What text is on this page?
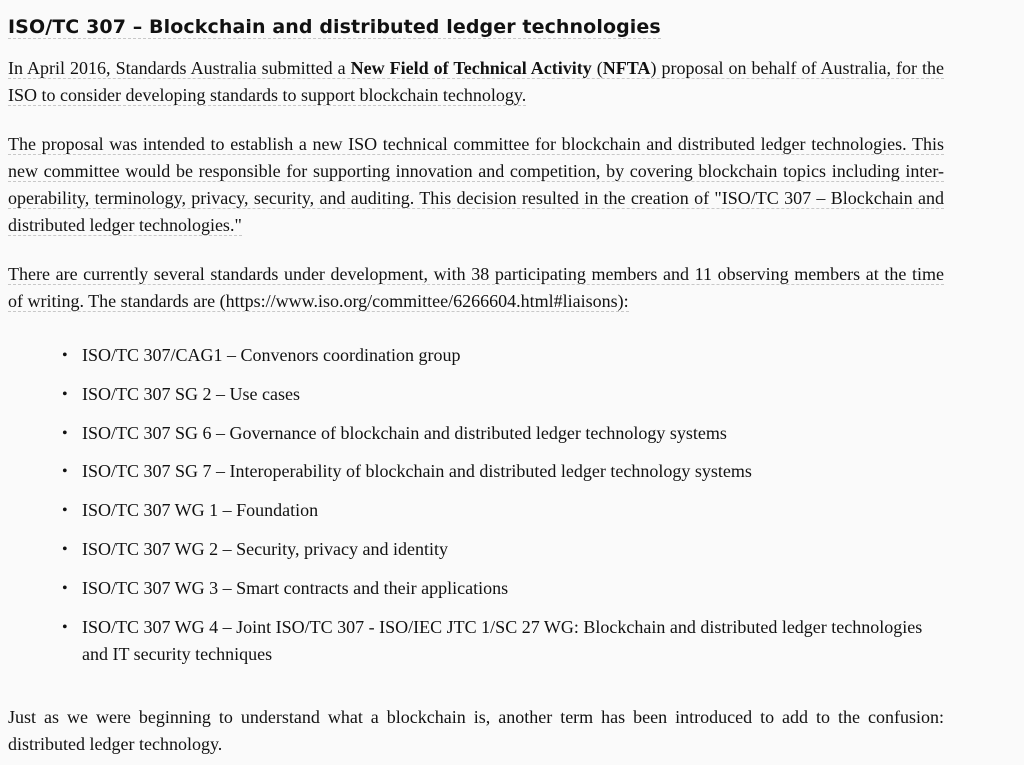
ISO/TC 307 – Blockchain and distributed ledger technologies

In April 2016, Standards Australia submitted a New Field of Technical Activity (NFTA) proposal on behalf of Australia, for the ISO to consider developing standards to support blockchain technology.

The proposal was intended to establish a new ISO technical committee for blockchain and distributed ledger technologies. This new committee would be responsible for supporting innovation and competition, by covering blockchain topics including inter-operability, terminology, privacy, security, and auditing. This decision resulted in the creation of "ISO/TC 307 – Blockchain and distributed ledger technologies."

There are currently several standards under development, with 38 participating members and 11 observing members at the time of writing. The standards are (https://www.iso.org/committee/6266604.html#liaisons):

• ISO/TC 307/CAG1 – Convenors coordination group
• ISO/TC 307 SG 2 – Use cases
• ISO/TC 307 SG 6 – Governance of blockchain and distributed ledger technology systems
• ISO/TC 307 SG 7 – Interoperability of blockchain and distributed ledger technology systems
• ISO/TC 307 WG 1 – Foundation
• ISO/TC 307 WG 2 – Security, privacy and identity
• ISO/TC 307 WG 3 – Smart contracts and their applications
• ISO/TC 307 WG 4 – Joint ISO/TC 307 - ISO/IEC JTC 1/SC 27 WG: Blockchain and distributed ledger technologies and IT security techniques

Just as we were beginning to understand what a blockchain is, another term has been introduced to add to the confusion: distributed ledger technology.
